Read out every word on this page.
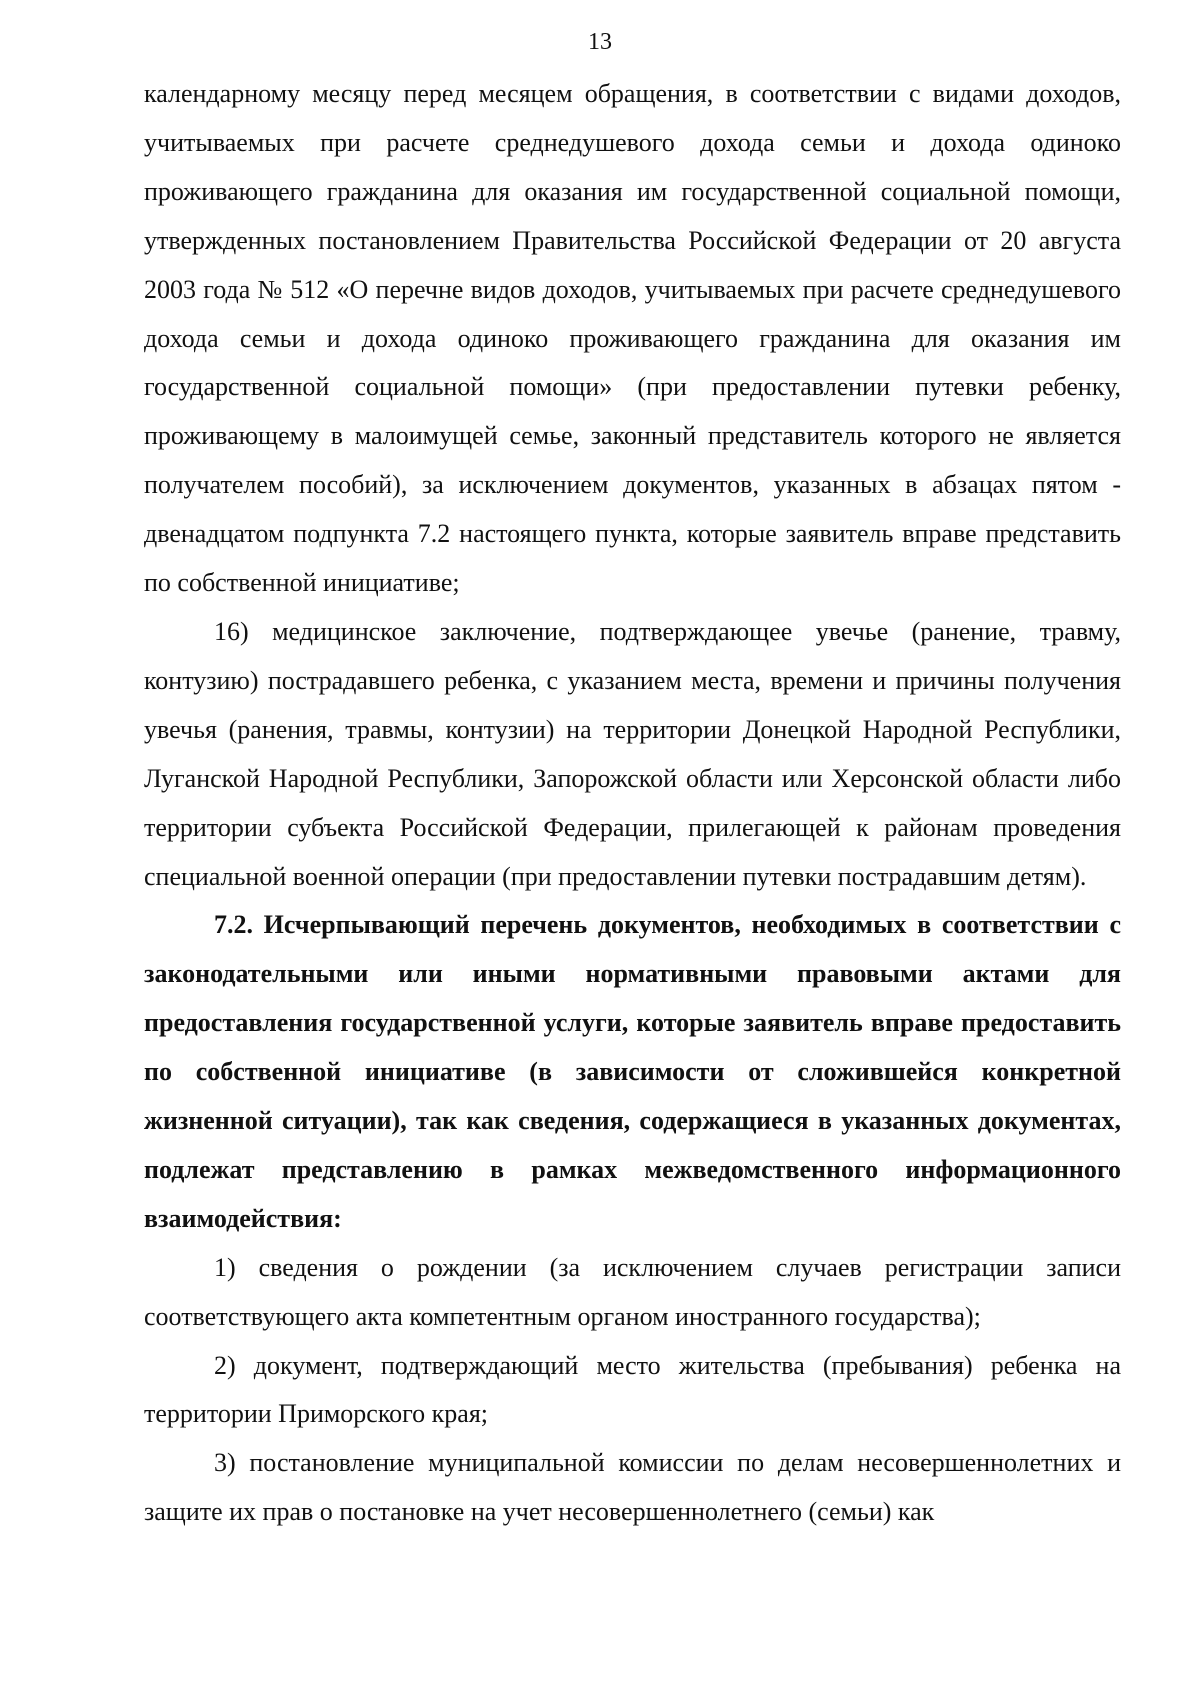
13

календарному месяцу перед месяцем обращения, в соответствии с видами доходов, учитываемых при расчете среднедушевого дохода семьи и дохода одиноко проживающего гражданина для оказания им государственной социальной помощи, утвержденных постановлением Правительства Российской Федерации от 20 августа 2003 года № 512 «О перечне видов доходов, учитываемых при расчете среднедушевого дохода семьи и дохода одиноко проживающего гражданина для оказания им государственной социальной помощи» (при предоставлении путевки ребенку, проживающему в малоимущей семье, законный представитель которого не является получателем пособий), за исключением документов, указанных в абзацах пятом - двенадцатом подпункта 7.2 настоящего пункта, которые заявитель вправе представить по собственной инициативе;

16) медицинское заключение, подтверждающее увечье (ранение, травму, контузию) пострадавшего ребенка, с указанием места, времени и причины получения увечья (ранения, травмы, контузии) на территории Донецкой Народной Республики, Луганской Народной Республики, Запорожской области или Херсонской области либо территории субъекта Российской Федерации, прилегающей к районам проведения специальной военной операции (при предоставлении путевки пострадавшим детям).

7.2. Исчерпывающий перечень документов, необходимых в соответствии с законодательными или иными нормативными правовыми актами для предоставления государственной услуги, которые заявитель вправе предоставить по собственной инициативе (в зависимости от сложившейся конкретной жизненной ситуации), так как сведения, содержащиеся в указанных документах, подлежат представлению в рамках межведомственного информационного взаимодействия:

1) сведения о рождении (за исключением случаев регистрации записи соответствующего акта компетентным органом иностранного государства);

2) документ, подтверждающий место жительства (пребывания) ребенка на территории Приморского края;

3) постановление муниципальной комиссии по делам несовершеннолетних и защите их прав о постановке на учет несовершеннолетнего (семьи) как
